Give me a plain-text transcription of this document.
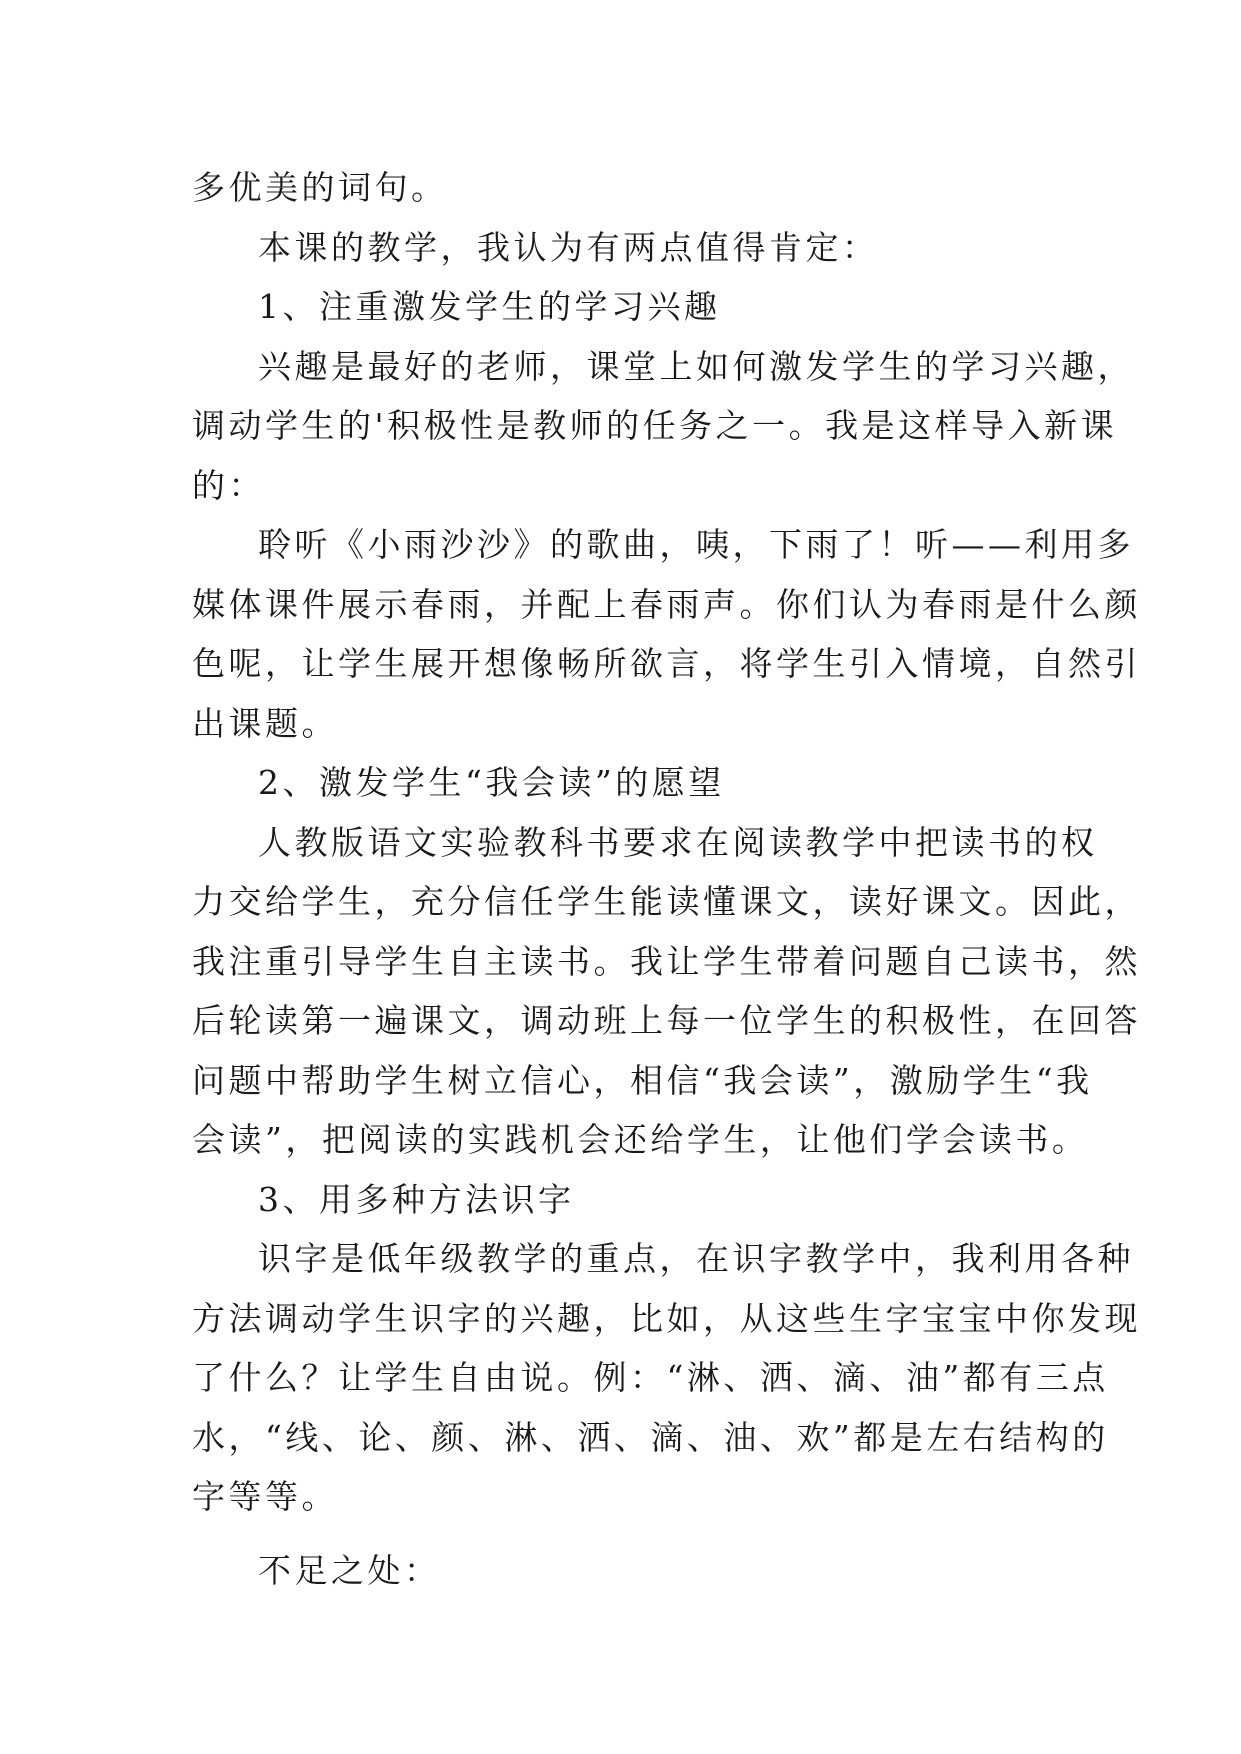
多优美的词句。
本课的教学，我认为有两点值得肯定：
1、注重激发学生的学习兴趣
兴趣是最好的老师，课堂上如何激发学生的学习兴趣，
调动学生的'积极性是教师的任务之一。我是这样导入新课
的：
聆听《小雨沙沙》的歌曲，咦，下雨了！听——利用多
媒体课件展示春雨，并配上春雨声。你们认为春雨是什么颜
色呢，让学生展开想像畅所欲言，将学生引入情境，自然引
出课题。
2、激发学生“我会读”的愿望
人教版语文实验教科书要求在阅读教学中把读书的权
力交给学生，充分信任学生能读懂课文，读好课文。因此，
我注重引导学生自主读书。我让学生带着问题自己读书，然
后轮读第一遍课文，调动班上每一位学生的积极性，在回答
问题中帮助学生树立信心，相信“我会读”，激励学生“我
会读”，把阅读的实践机会还给学生，让他们学会读书。
3、用多种方法识字
识字是低年级教学的重点，在识字教学中，我利用各种
方法调动学生识字的兴趣，比如，从这些生字宝宝中你发现
了什么？让学生自由说。例：“淋、洒、滴、油”都有三点
水，“线、论、颜、淋、洒、滴、油、欢”都是左右结构的
字等等。
不足之处：
